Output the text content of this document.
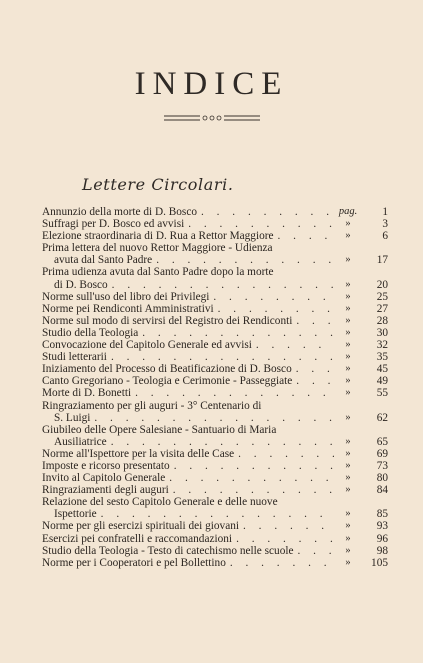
INDICE
Lettere Circolari.
Annunzio della morte di D. Bosco . . .	pag.	1
Suffragi per D. Bosco ed avvisi . . .	»	3
Elezione straordinaria di D. Rua a Rettor Maggiore . . .	»	6
Prima lettera del nuovo Rettor Maggiore - Udienza
avuta dal Santo Padre . . .	»	17
Prima udienza avuta dal Santo Padre dopo la morte
di D. Bosco . . .	»	20
Norme sull'uso del libro dei Privilegi . . .	»	25
Norme pei Rendiconti Amministrativi . . .	»	27
Norme sul modo di servirsi del Registro dei Rendiconti . . .	»	28
Studio della Teologia . . .	»	30
Convocazione del Capitolo Generale ed avvisi . . .	»	32
Studi letterarii . . .	»	35
Iniziamento del Processo di Beatificazione di D. Bosco . . .	»	45
Canto Gregoriano - Teologia e Cerimonie - Passeggiate . . .	»	49
Morte di D. Bonetti . . .	»	55
Ringraziamento per gli auguri - 3° Centenario di
S. Luigi . . .	»	62
Giubileo delle Opere Salesiane - Santuario di Maria
Ausiliatrice . . .	»	65
Norme all'Ispettore per la visita delle Case . . .	»	69
Imposte e ricorso presentato . . .	»	73
Invito al Capitolo Generale . . .	»	80
Ringraziamenti degli auguri . . .	»	84
Relazione del sesto Capitolo Generale e delle nuove
Ispettorie . . .	»	85
Norme per gli esercizi spirituali dei giovani . . .	»	93
Esercizi pei confratelli e raccomandazioni . . .	»	96
Studio della Teologia - Testo di catechismo nelle scuole . . .	»	98
Norme per i Cooperatori e pel Bollettino . . .	»	105
